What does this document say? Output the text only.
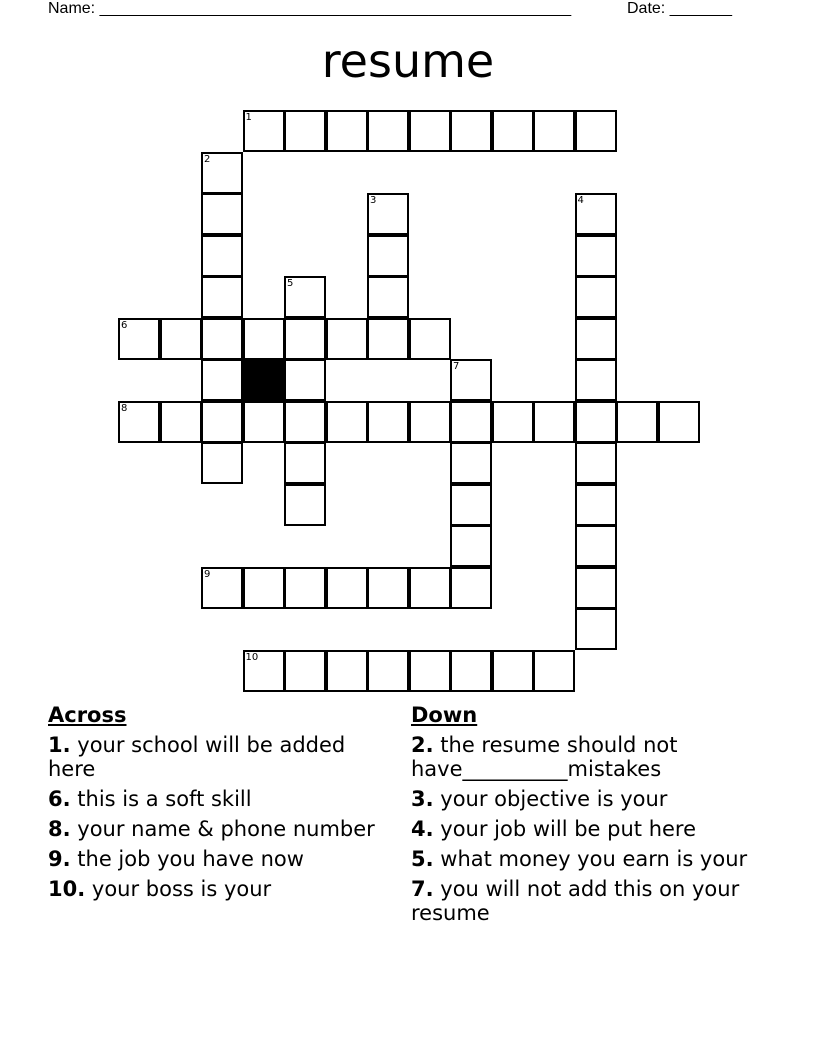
Name: _____________________________________________________	Date: _______
resume
1
2
3	4
5
6
7
8
9
10
Across
1. your school will be added here
6. this is a soft skill
8. your name & phone number
9. the job you have now
10. your boss is your
Down
2. the resume should not have__________mistakes
3. your objective is your
4. your job will be put here
5. what money you earn is your
7. you will not add this on your resume
